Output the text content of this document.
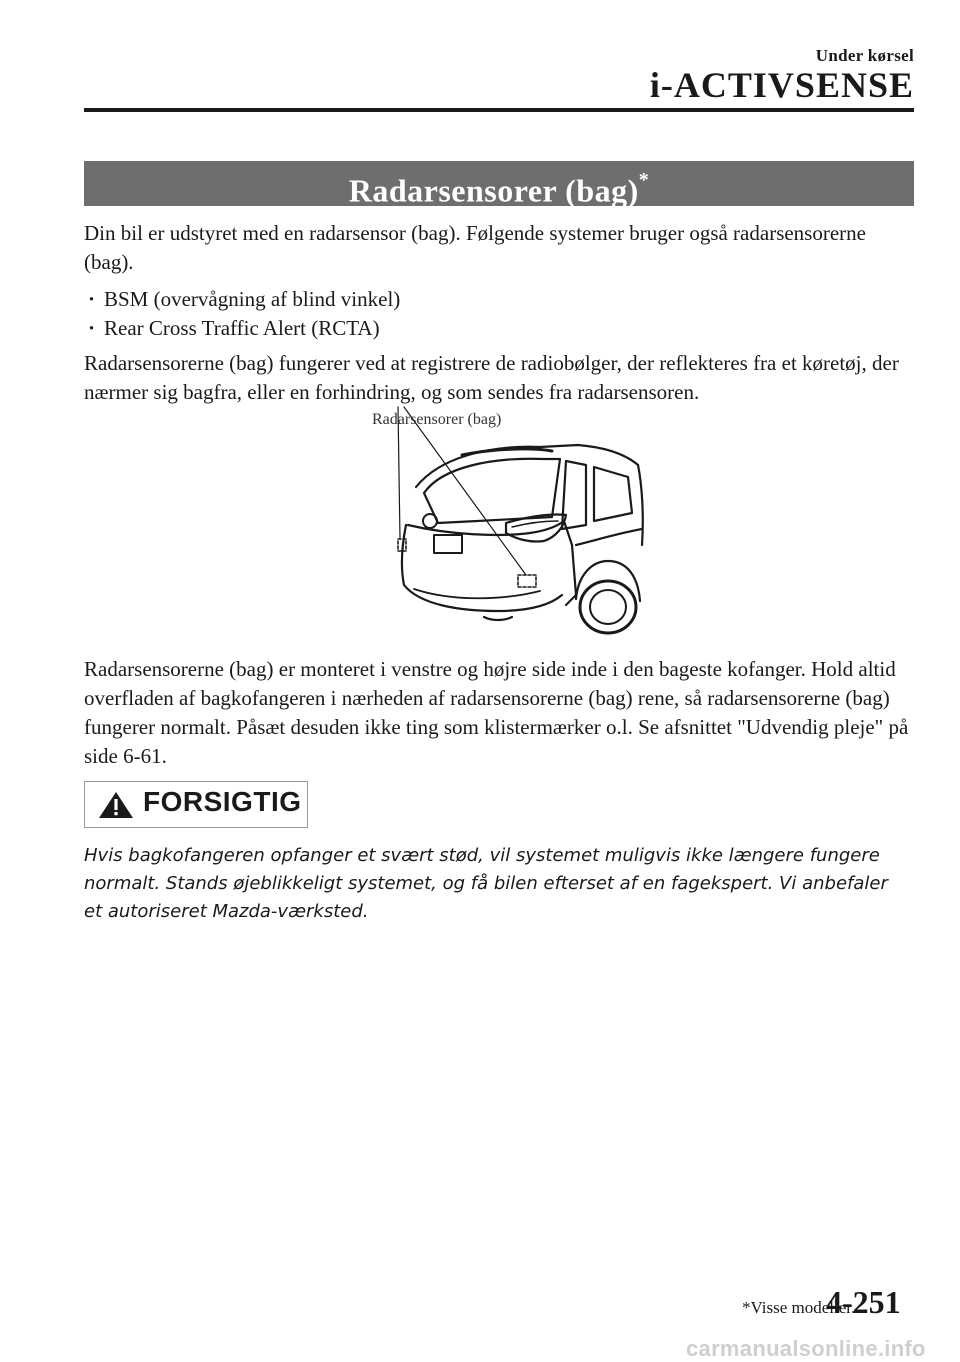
Under kørsel
i-ACTIVSENSE
Radarsensorer (bag)*

Din bil er udstyret med en radarsensor (bag). Følgende systemer bruger også radarsensorerne (bag).

· BSM (overvågning af blind vinkel)
· Rear Cross Traffic Alert (RCTA)

Radarsensorerne (bag) fungerer ved at registrere de radiobølger, der reflekteres fra et køretøj, der nærmer sig bagfra, eller en forhindring, og som sendes fra radarsensoren.

Radarsensorer (bag)

Radarsensorerne (bag) er monteret i venstre og højre side inde i den bageste kofanger. Hold altid overfladen af bagkofangeren i nærheden af radarsensorerne (bag) rene, så radarsensorerne (bag) fungerer normalt. Påsæt desuden ikke ting som klistermærker o.l. Se afsnittet "Udvendig pleje" på side 6-61.

FORSIGTIG

Hvis bagkofangeren opfanger et svært stød, vil systemet muligvis ikke længere fungere normalt. Stands øjeblikkeligt systemet, og få bilen efterset af en fagekspert. Vi anbefaler et autoriseret Mazda-værksted.

*Visse modeller.
4-251
carmanualsonline.info
